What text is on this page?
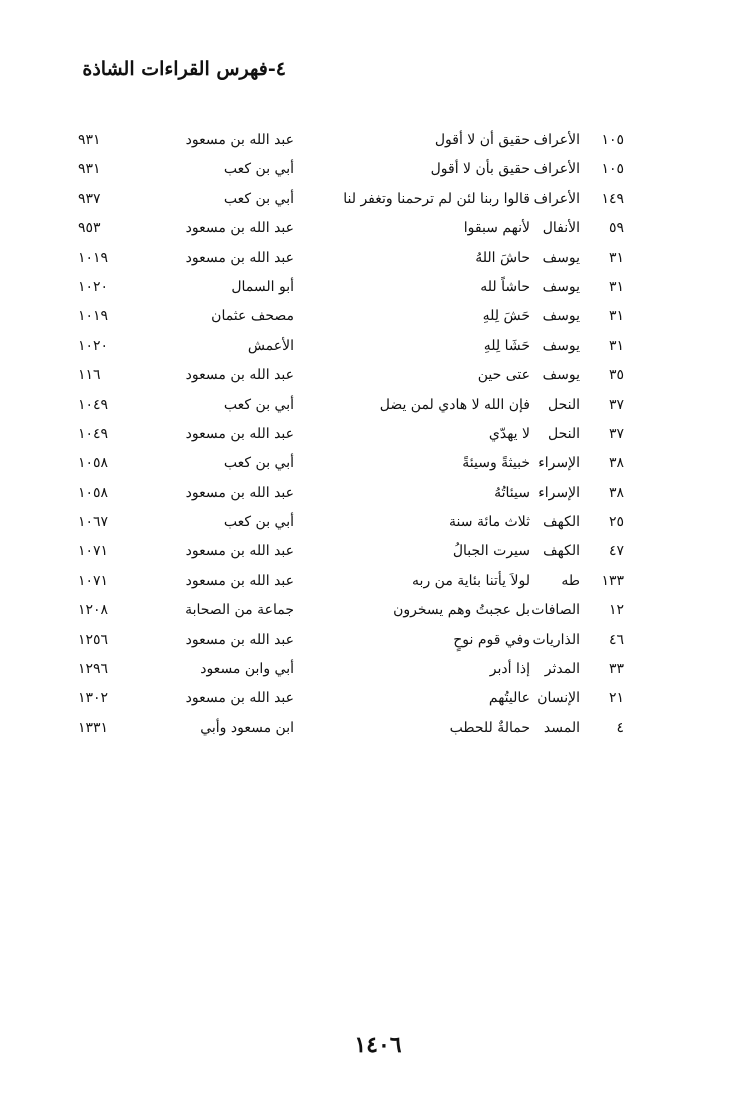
٤-فهرس القراءات الشاذة
١٠٥
الأعراف
حقيق أن لا أقول
عبد الله بن مسعود
٩٣١
١٠٥
الأعراف
حقيق بأن لا أقول
أبي بن كعب
٩٣١
١٤٩
الأعراف
قالوا ربنا لئن لم ترحمنا وتغفر لنا
أبي بن كعب
٩٣٧
٥٩
الأنفال
لأنهم سبقوا
عبد الله بن مسعود
٩٥٣
٣١
يوسف
حاشَ اللهُ
عبد الله بن مسعود
١٠١٩
٣١
يوسف
حاشاً لله
أبو السمال
١٠٢٠
٣١
يوسف
حَشَ لِلهِ
مصحف عثمان
١٠١٩
٣١
يوسف
حَشَا لِلهِ
الأعمش
١٠٢٠
٣٥
يوسف
عتى حين
عبد الله بن مسعود
١١٦
٣٧
النحل
فإن الله لا هادي لمن يضل
أبي بن كعب
١٠٤٩
٣٧
النحل
لا يهدّي
عبد الله بن مسعود
١٠٤٩
٣٨
الإسراء
خبيثةً وسيئةً
أبي بن كعب
١٠٥٨
٣٨
الإسراء
سيئاتُهُ
عبد الله بن مسعود
١٠٥٨
٢٥
الكهف
ثلاث مائة سنة
أبي بن كعب
١٠٦٧
٤٧
الكهف
سيرت الجبالُ
عبد الله بن مسعود
١٠٧١
١٣٣
طه
لولاَ يأتنا بئاية من ربه
عبد الله بن مسعود
١٠٧١
١٢
الصافات
بل عجبتُ وهم يسخرون
جماعة من الصحابة
١٢٠٨
٤٦
الذاريات
وفي قوم نوحٍ
عبد الله بن مسعود
١٢٥٦
٣٣
المدثر
إذا أدبر
أبي وابن مسعود
١٢٩٦
٢١
الإنسان
عاليتُهم
عبد الله بن مسعود
١٣٠٢
٤
المسد
حمالةٌ للحطب
ابن مسعود وأبي
١٣٣١
١٤٠٦
